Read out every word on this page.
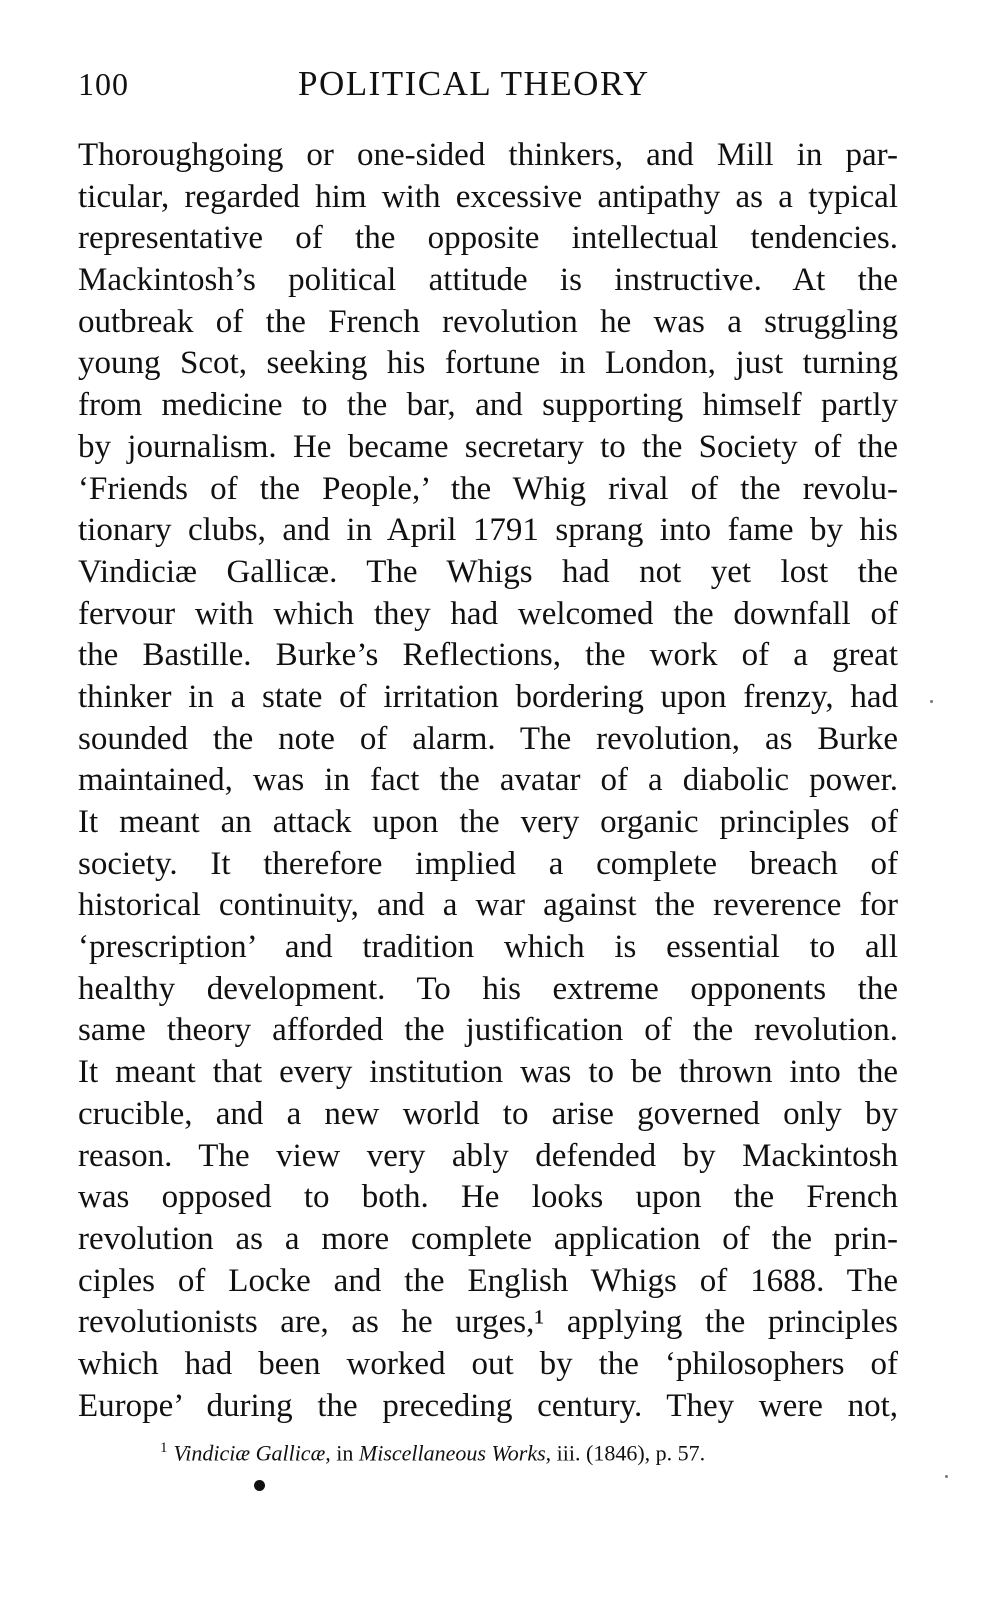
100	POLITICAL THEORY
Thoroughgoing or one-sided thinkers, and Mill in par-
ticular, regarded him with excessive antipathy as a typical
representative of the opposite intellectual tendencies.
Mackintosh’s political attitude is instructive. At the
outbreak of the French revolution he was a struggling
young Scot, seeking his fortune in London, just turning
from medicine to the bar, and supporting himself partly
by journalism. He became secretary to the Society of the
‘Friends of the People,’ the Whig rival of the revolu-
tionary clubs, and in April 1791 sprang into fame by his
Vindiciæ Gallicæ. The Whigs had not yet lost the
fervour with which they had welcomed the downfall of
the Bastille. Burke’s Reflections, the work of a great
thinker in a state of irritation bordering upon frenzy, had
sounded the note of alarm. The revolution, as Burke
maintained, was in fact the avatar of a diabolic power.
It meant an attack upon the very organic principles of
society. It therefore implied a complete breach of
historical continuity, and a war against the reverence for
‘prescription’ and tradition which is essential to all
healthy development. To his extreme opponents the
same theory afforded the justification of the revolution.
It meant that every institution was to be thrown into the
crucible, and a new world to arise governed only by
reason. The view very ably defended by Mackintosh
was opposed to both. He looks upon the French
revolution as a more complete application of the prin-
ciples of Locke and the English Whigs of 1688. The
revolutionists are, as he urges,¹ applying the principles
which had been worked out by the ‘philosophers of
Europe’ during the preceding century. They were not,
$^1$ Vindiciæ Gallicæ, in Miscellaneous Works, iii. (1846), p. 57.
